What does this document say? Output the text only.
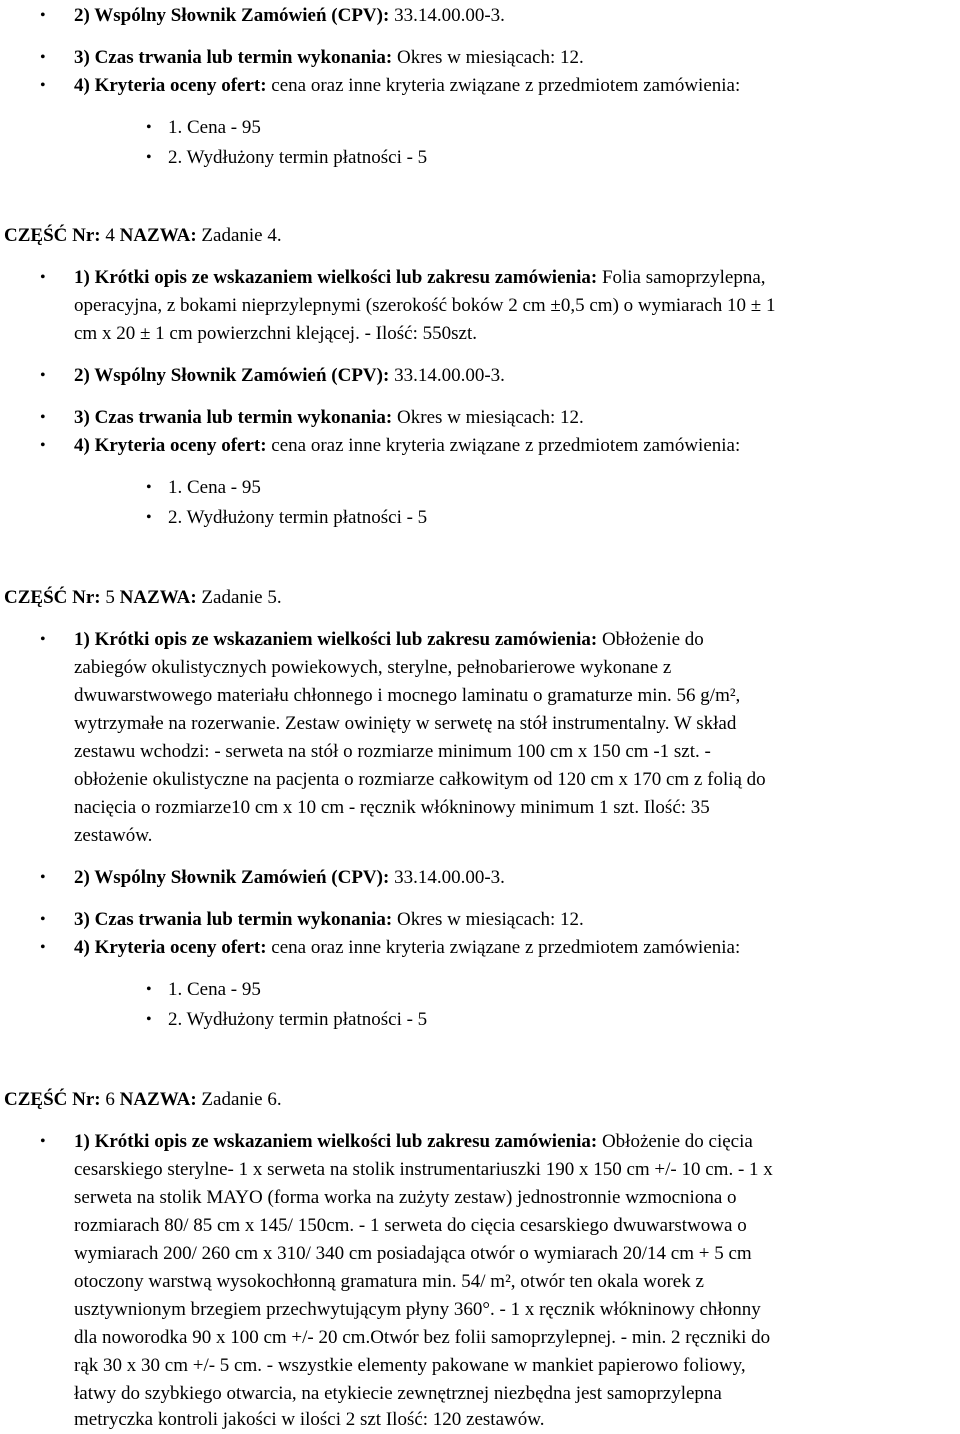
• 2) Wspólny Słownik Zamówień (CPV): 33.14.00.00-3.
• 3) Czas trwania lub termin wykonania: Okres w miesiącach: 12.
• 4) Kryteria oceny ofert: cena oraz inne kryteria związane z przedmiotem zamówienia:
• 1. Cena - 95
• 2. Wydłużony termin płatności - 5
CZĘŚĆ Nr: 4 NAZWA: Zadanie 4.
• 1) Krótki opis ze wskazaniem wielkości lub zakresu zamówienia: Folia samoprzylepna,
operacyjna, z bokami nieprzylepnymi (szerokość boków 2 cm ±0,5 cm) o wymiarach 10 ± 1
cm x 20 ± 1 cm powierzchni klejącej. - Ilość: 550szt.
• 2) Wspólny Słownik Zamówień (CPV): 33.14.00.00-3.
• 3) Czas trwania lub termin wykonania: Okres w miesiącach: 12.
• 4) Kryteria oceny ofert: cena oraz inne kryteria związane z przedmiotem zamówienia:
• 1. Cena - 95
• 2. Wydłużony termin płatności - 5
CZĘŚĆ Nr: 5 NAZWA: Zadanie 5.
• 1) Krótki opis ze wskazaniem wielkości lub zakresu zamówienia: Obłożenie do
zabiegów okulistycznych powiekowych, sterylne, pełnobarierowe wykonane z
dwuwarstwowego materiału chłonnego i mocnego laminatu o gramaturze min. 56 g/m²,
wytrzymałe na rozerwanie. Zestaw owinięty w serwetę na stół instrumentalny. W skład
zestawu wchodzi: - serweta na stół o rozmiarze minimum 100 cm x 150 cm -1 szt. -
obłożenie okulistyczne na pacjenta o rozmiarze całkowitym od 120 cm x 170 cm z folią do
nacięcia o rozmiarze10 cm x 10 cm - ręcznik włókninowy minimum 1 szt. Ilość: 35
zestawów.
• 2) Wspólny Słownik Zamówień (CPV): 33.14.00.00-3.
• 3) Czas trwania lub termin wykonania: Okres w miesiącach: 12.
• 4) Kryteria oceny ofert: cena oraz inne kryteria związane z przedmiotem zamówienia:
• 1. Cena - 95
• 2. Wydłużony termin płatności - 5
CZĘŚĆ Nr: 6 NAZWA: Zadanie 6.
• 1) Krótki opis ze wskazaniem wielkości lub zakresu zamówienia: Obłożenie do cięcia
cesarskiego sterylne- 1 x serweta na stolik instrumentariuszki 190 x 150 cm +/- 10 cm. - 1 x
serweta na stolik MAYO (forma worka na zużyty zestaw) jednostronnie wzmocniona o
rozmiarach 80/ 85 cm x 145/ 150cm. - 1 serweta do cięcia cesarskiego dwuwarstwowa o
wymiarach 200/ 260 cm x 310/ 340 cm posiadająca otwór o wymiarach 20/14 cm + 5 cm
otoczony warstwą wysokochłonną gramatura min. 54/ m², otwór ten okala worek z
usztywnionym brzegiem przechwytującym płyny 360°. - 1 x ręcznik włókninowy chłonny
dla noworodka 90 x 100 cm +/- 20 cm.Otwór bez folii samoprzylepnej. - min. 2 ręczniki do
rąk 30 x 30 cm +/- 5 cm. - wszystkie elementy pakowane w mankiet papierowo foliowy,
łatwy do szybkiego otwarcia, na etykiecie zewnętrznej niezbędna jest samoprzylepna
metryczka kontroli jakości w ilości 2 szt Ilość: 120 zestawów.
